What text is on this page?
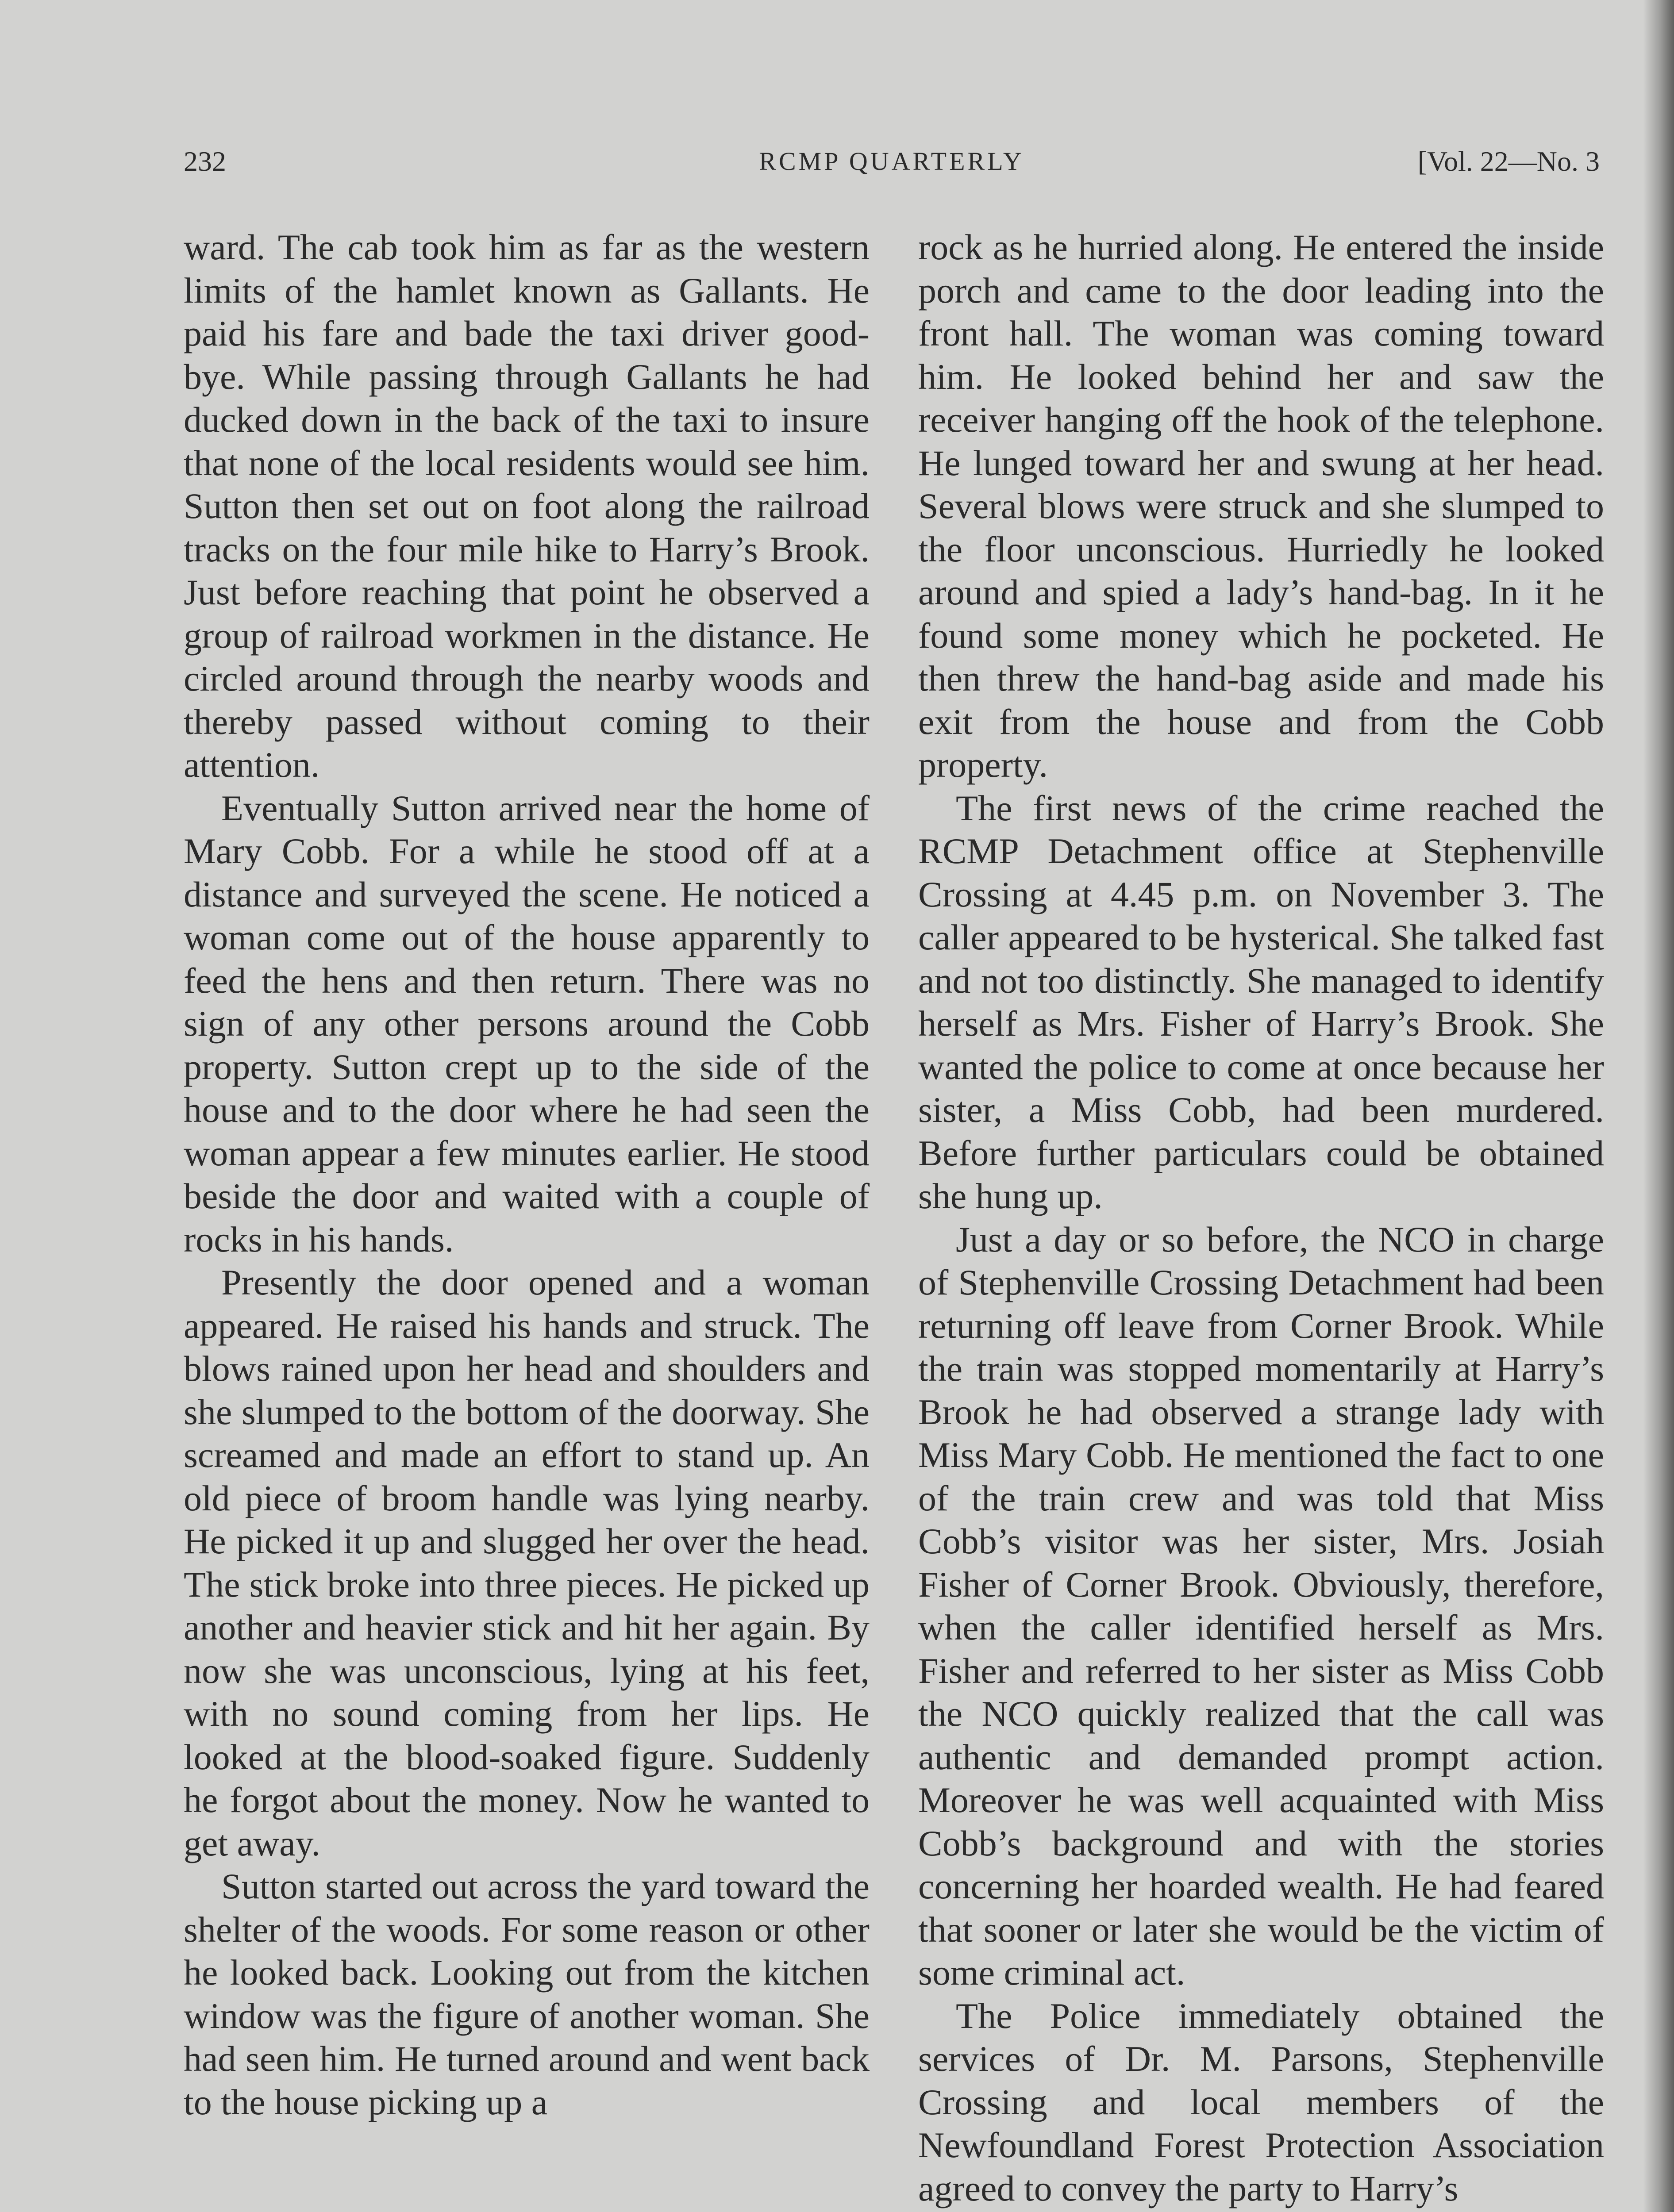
232	RCMP QUARTERLY	[Vol. 22—No. 3

ward. The cab took him as far as the western limits of the hamlet known as Gallants. He paid his fare and bade the taxi driver good-bye. While passing through Gallants he had ducked down in the back of the taxi to insure that none of the local residents would see him. Sutton then set out on foot along the railroad tracks on the four mile hike to Harry’s Brook. Just before reaching that point he observed a group of railroad workmen in the distance. He circled around through the nearby woods and thereby passed without coming to their attention.

Eventually Sutton arrived near the home of Mary Cobb. For a while he stood off at a distance and surveyed the scene. He noticed a woman come out of the house apparently to feed the hens and then return. There was no sign of any other persons around the Cobb property. Sutton crept up to the side of the house and to the door where he had seen the woman appear a few minutes earlier. He stood beside the door and waited with a couple of rocks in his hands.

Presently the door opened and a woman appeared. He raised his hands and struck. The blows rained upon her head and shoulders and she slumped to the bottom of the doorway. She screamed and made an effort to stand up. An old piece of broom handle was lying nearby. He picked it up and slugged her over the head. The stick broke into three pieces. He picked up another and heavier stick and hit her again. By now she was unconscious, lying at his feet, with no sound coming from her lips. He looked at the blood-soaked figure. Suddenly he forgot about the money. Now he wanted to get away.

Sutton started out across the yard toward the shelter of the woods. For some reason or other he looked back. Looking out from the kitchen window was the figure of another woman. She had seen him. He turned around and went back to the house picking up a

rock as he hurried along. He entered the inside porch and came to the door leading into the front hall. The woman was coming toward him. He looked behind her and saw the receiver hanging off the hook of the telephone. He lunged toward her and swung at her head. Several blows were struck and she slumped to the floor unconscious. Hurriedly he looked around and spied a lady’s hand-bag. In it he found some money which he pocketed. He then threw the hand-bag aside and made his exit from the house and from the Cobb property.

The first news of the crime reached the RCMP Detachment office at Stephenville Crossing at 4.45 p.m. on November 3. The caller appeared to be hysterical. She talked fast and not too distinctly. She managed to identify herself as Mrs. Fisher of Harry’s Brook. She wanted the police to come at once because her sister, a Miss Cobb, had been murdered. Before further particulars could be obtained she hung up.

Just a day or so before, the NCO in charge of Stephenville Crossing Detachment had been returning off leave from Corner Brook. While the train was stopped momentarily at Harry’s Brook he had observed a strange lady with Miss Mary Cobb. He mentioned the fact to one of the train crew and was told that Miss Cobb’s visitor was her sister, Mrs. Josiah Fisher of Corner Brook. Obviously, therefore, when the caller identified herself as Mrs. Fisher and referred to her sister as Miss Cobb the NCO quickly realized that the call was authentic and demanded prompt action. Moreover he was well acquainted with Miss Cobb’s background and with the stories concerning her hoarded wealth. He had feared that sooner or later she would be the victim of some criminal act.

The Police immediately obtained the services of Dr. M. Parsons, Stephenville Crossing and local members of the Newfoundland Forest Protection Association agreed to convey the party to Harry’s
